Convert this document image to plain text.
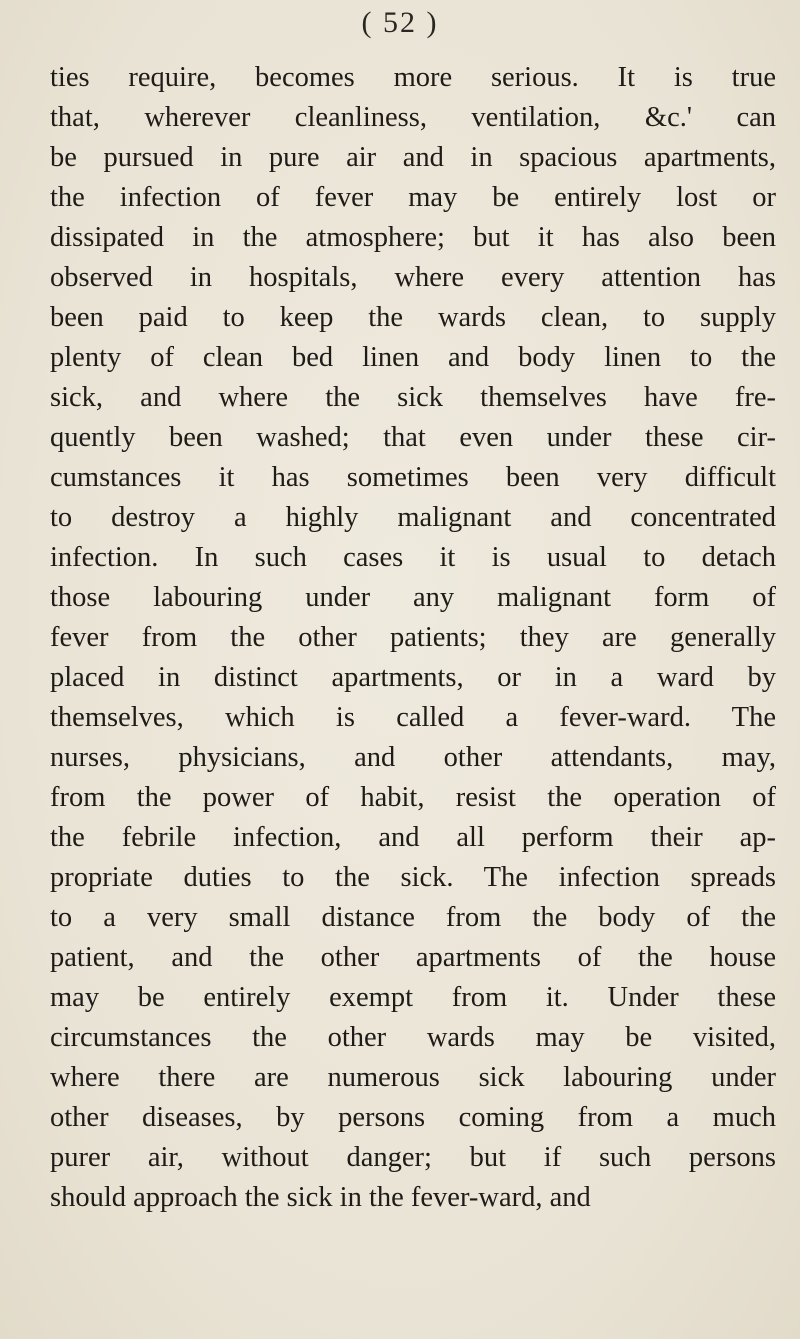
( 52 )
ties require, becomes more serious. It is true
that, wherever cleanliness, ventilation, &c.' can
be pursued in pure air and in spacious apartments,
the infection of fever may be entirely lost or
dissipated in the atmosphere; but it has also been
observed in hospitals, where every attention has
been paid to keep the wards clean, to supply
plenty of clean bed linen and body linen to the
sick, and where the sick themselves have fre-
quently been washed; that even under these cir-
cumstances it has sometimes been very difficult
to destroy a highly malignant and concentrated
infection. In such cases it is usual to detach
those labouring under any malignant form of
fever from the other patients; they are generally
placed in distinct apartments, or in a ward by
themselves, which is called a fever-ward. The
nurses, physicians, and other attendants, may,
from the power of habit, resist the operation of
the febrile infection, and all perform their ap-
propriate duties to the sick. The infection spreads
to a very small distance from the body of the
patient, and the other apartments of the house
may be entirely exempt from it. Under these
circumstances the other wards may be visited,
where there are numerous sick labouring under
other diseases, by persons coming from a much
purer air, without danger; but if such persons
should approach the sick in the fever-ward, and
